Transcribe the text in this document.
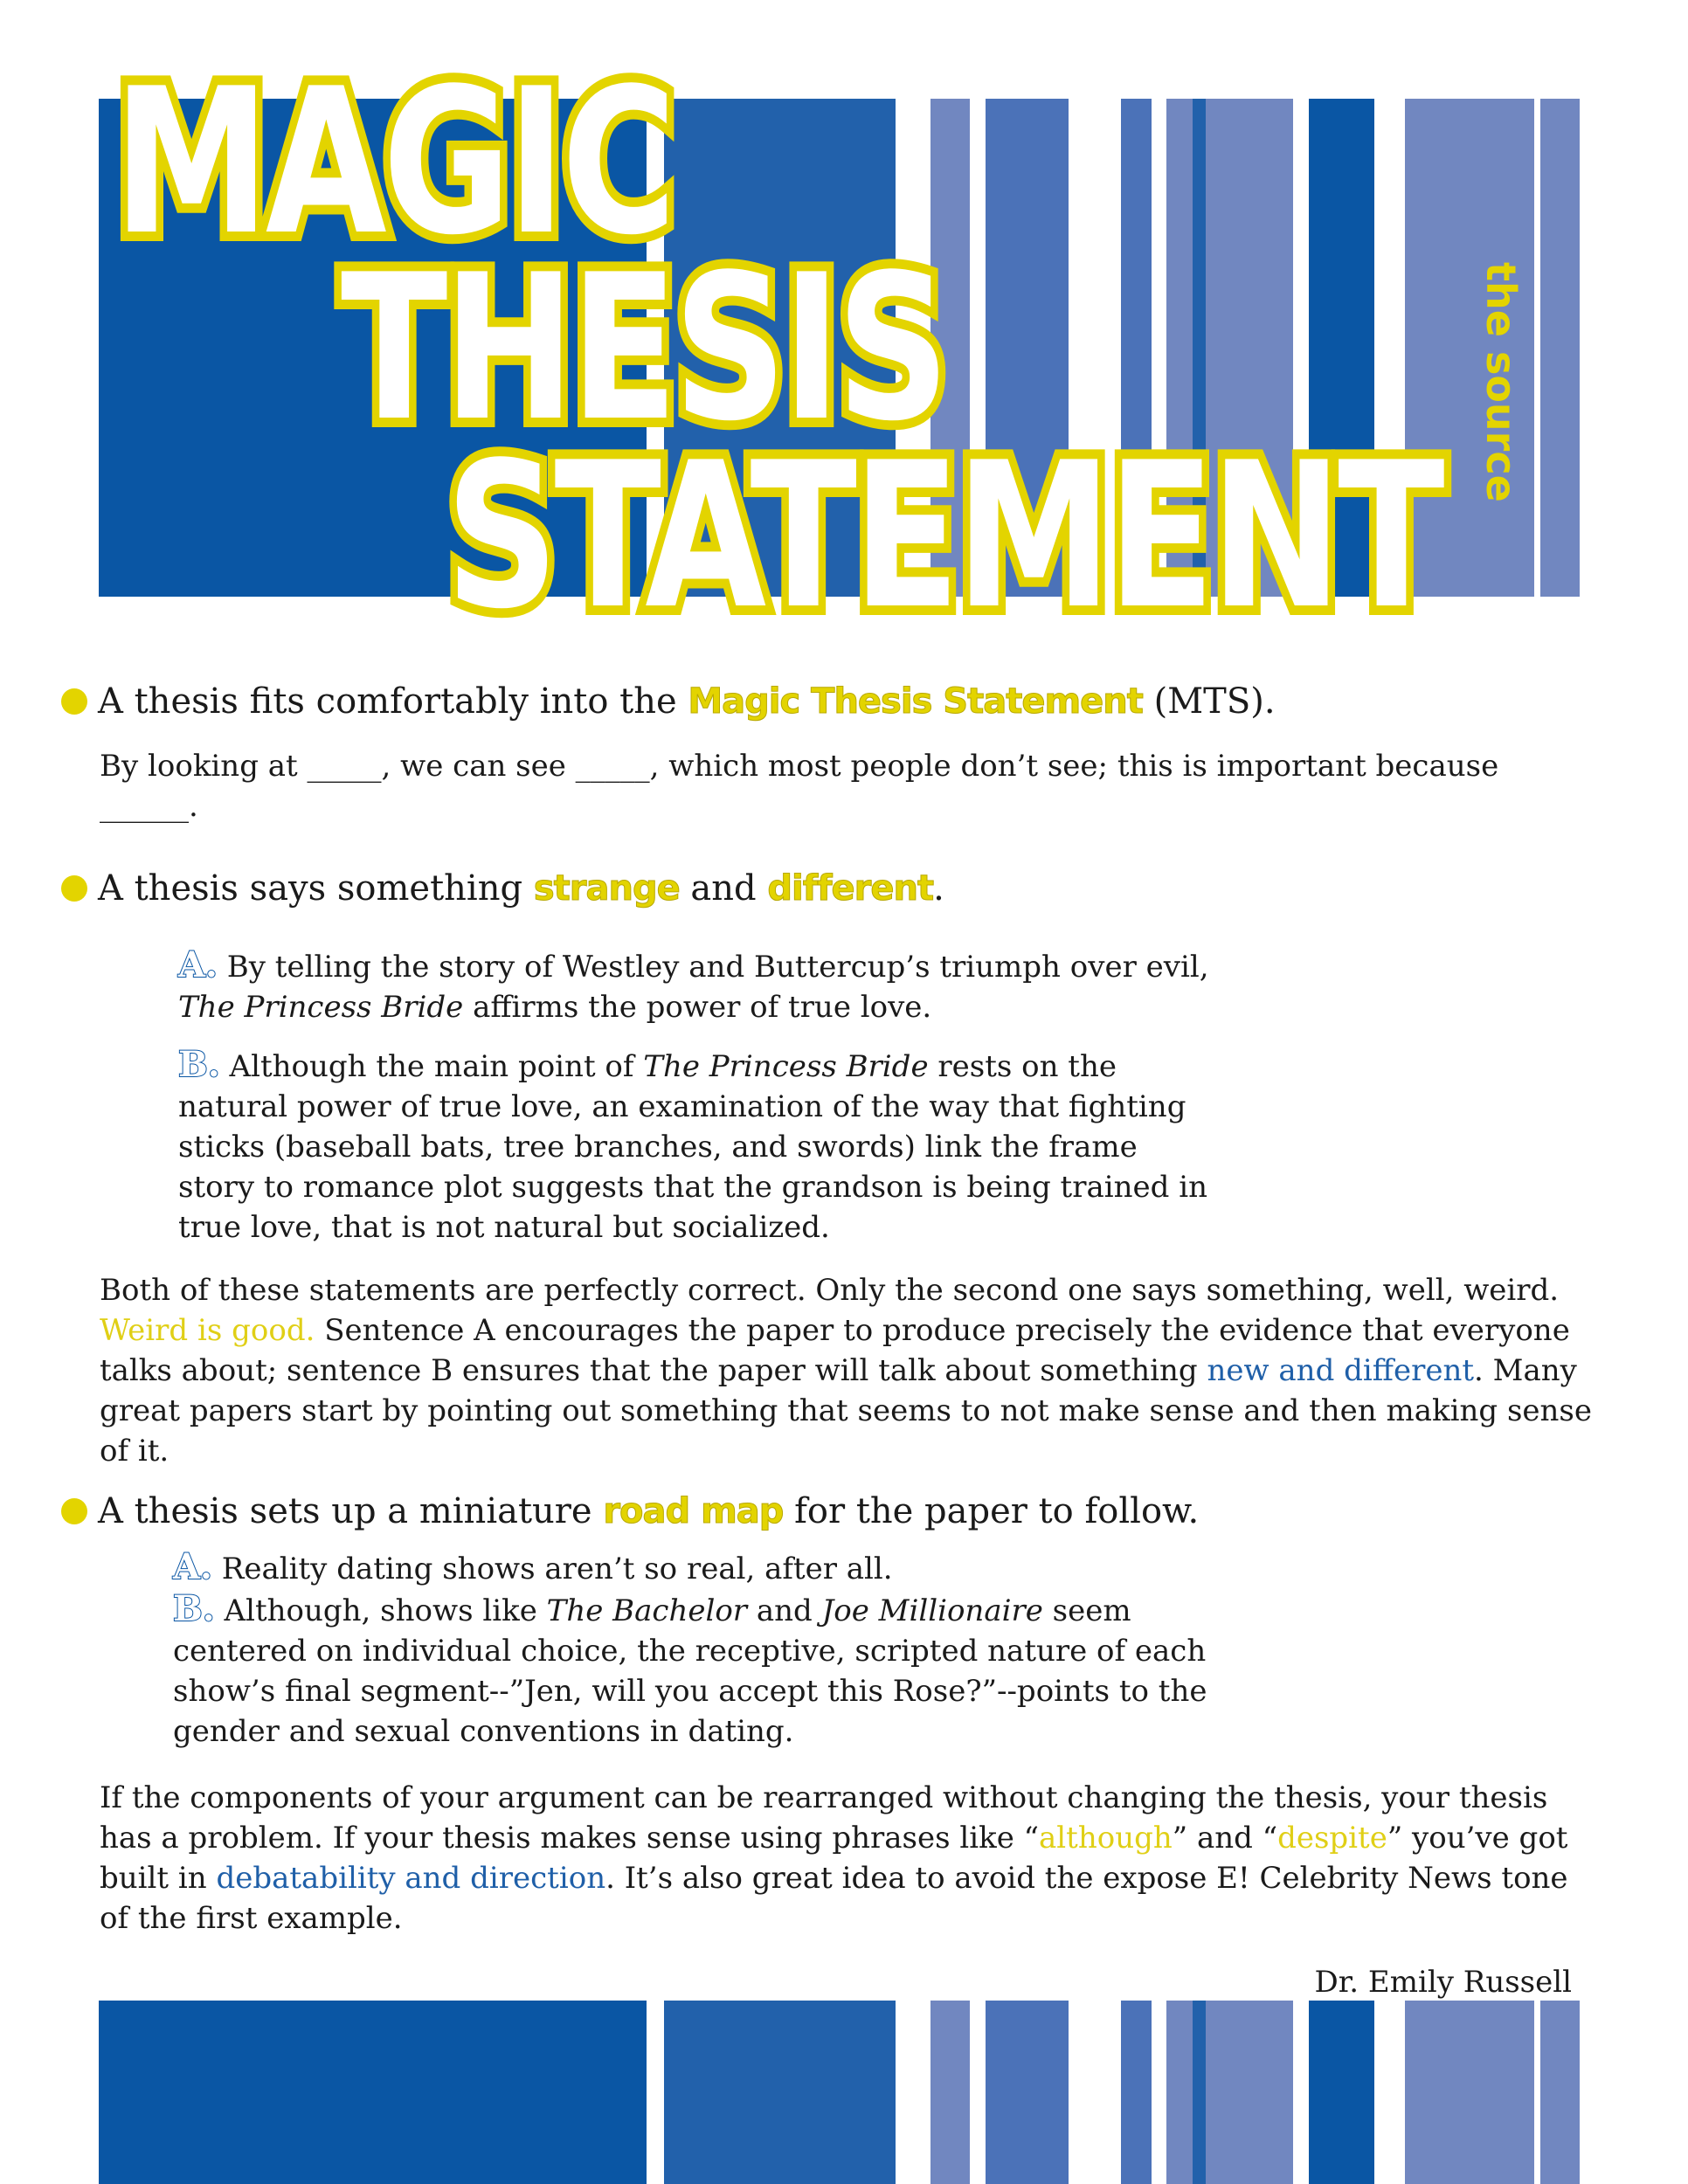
MAGIC
THESIS
STATEMENT
the source
A thesis fits comfortably into the Magic Thesis Statement (MTS).
By looking at _____, we can see _____, which most people don’t see; this is important because ______.
A thesis says something strange and different.
A. By telling the story of Westley and Buttercup’s triumph over evil,
The Princess Bride affirms the power of true love.
B. Although the main point of The Princess Bride rests on the natural power of true love, an examination of the way that fighting sticks (baseball bats, tree branches, and swords) link the frame story to romance plot suggests that the grandson is being trained in true love, that is not natural but socialized.
Both of these statements are perfectly correct. Only the second one says something, well, weird. Weird is good. Sentence A encourages the paper to produce precisely the evidence that everyone talks about; sentence B ensures that the paper will talk about something new and different. Many great papers start by pointing out something that seems to not make sense and then making sense of it.
A thesis sets up a miniature road map for the paper to follow.
A. Reality dating shows aren’t so real, after all.
B. Although, shows like The Bachelor and Joe Millionaire seem centered on individual choice, the receptive, scripted nature of each show’s final segment--”Jen, will you accept this Rose?”--points to the gender and sexual conventions in dating.
If the components of your argument can be rearranged without changing the thesis, your thesis has a problem. If your thesis makes sense using phrases like “although” and “despite” you’ve got built in debatability and direction. It’s also great idea to avoid the expose E! Celebrity News tone of the first example.
Dr. Emily Russell
